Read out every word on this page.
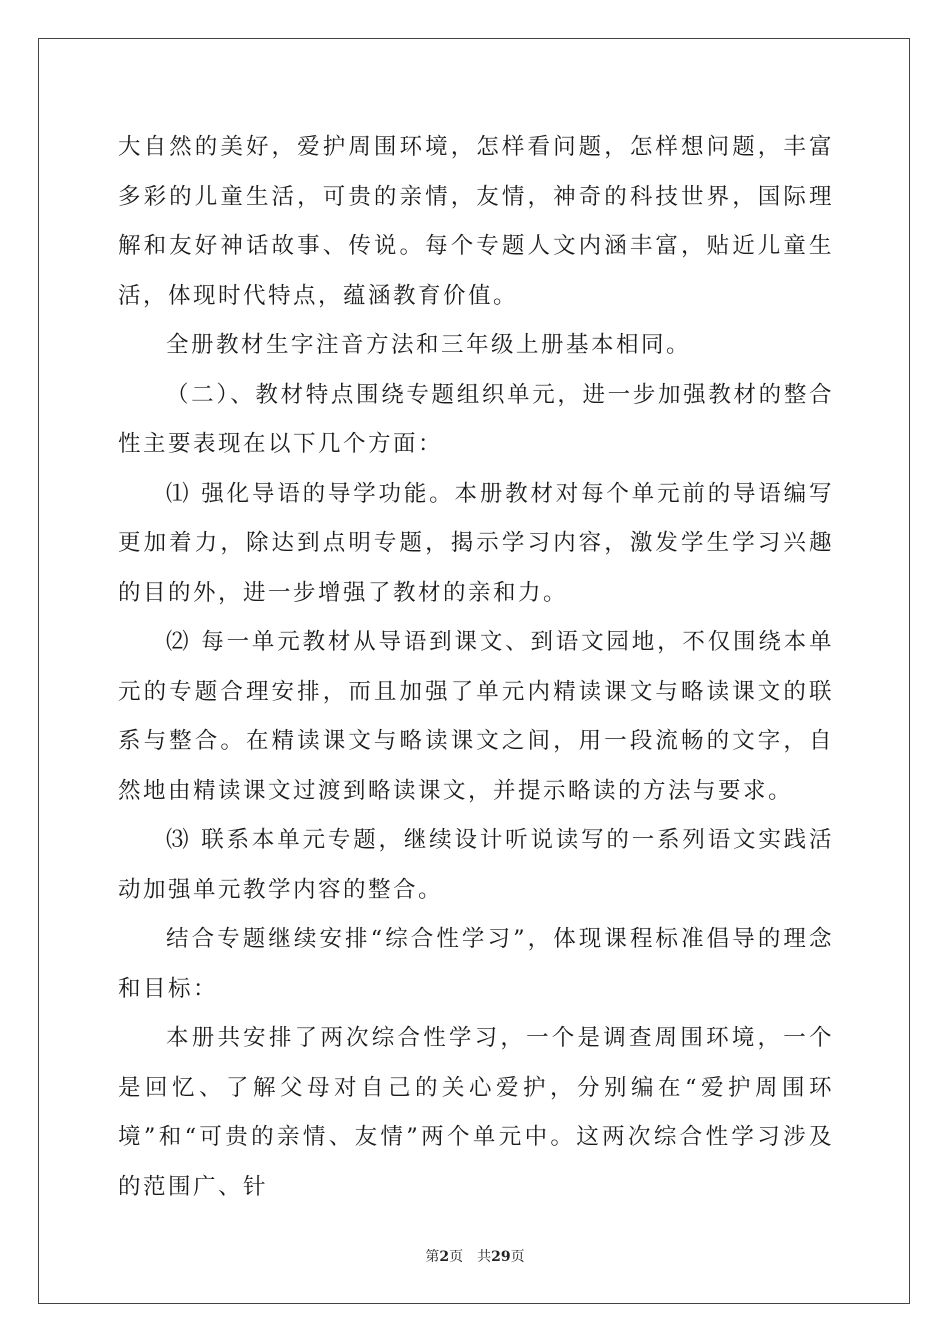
大自然的美好，爱护周围环境，怎样看问题，怎样想问题，丰富多彩的儿童生活，可贵的亲情，友情，神奇的科技世界，国际理解和友好神话故事、传说。每个专题人文内涵丰富，贴近儿童生活，体现时代特点，蕴涵教育价值。

全册教材生字注音方法和三年级上册基本相同。

（二）、教材特点围绕专题组织单元，进一步加强教材的整合性主要表现在以下几个方面：

⑴ 强化导语的导学功能。本册教材对每个单元前的导语编写更加着力，除达到点明专题，揭示学习内容，激发学生学习兴趣的目的外，进一步增强了教材的亲和力。

⑵ 每一单元教材从导语到课文、到语文园地，不仅围绕本单元的专题合理安排，而且加强了单元内精读课文与略读课文的联系与整合。在精读课文与略读课文之间，用一段流畅的文字，自然地由精读课文过渡到略读课文，并提示略读的方法与要求。

⑶ 联系本单元专题，继续设计听说读写的一系列语文实践活动加强单元教学内容的整合。

结合专题继续安排“综合性学习”，体现课程标准倡导的理念和目标：

本册共安排了两次综合性学习，一个是调查周围环境，一个是回忆、了解父母对自己的关心爱护，分别编在“爱护周围环境”和“可贵的亲情、友情”两个单元中。这两次综合性学习涉及的范围广、针

第2页 共29页
